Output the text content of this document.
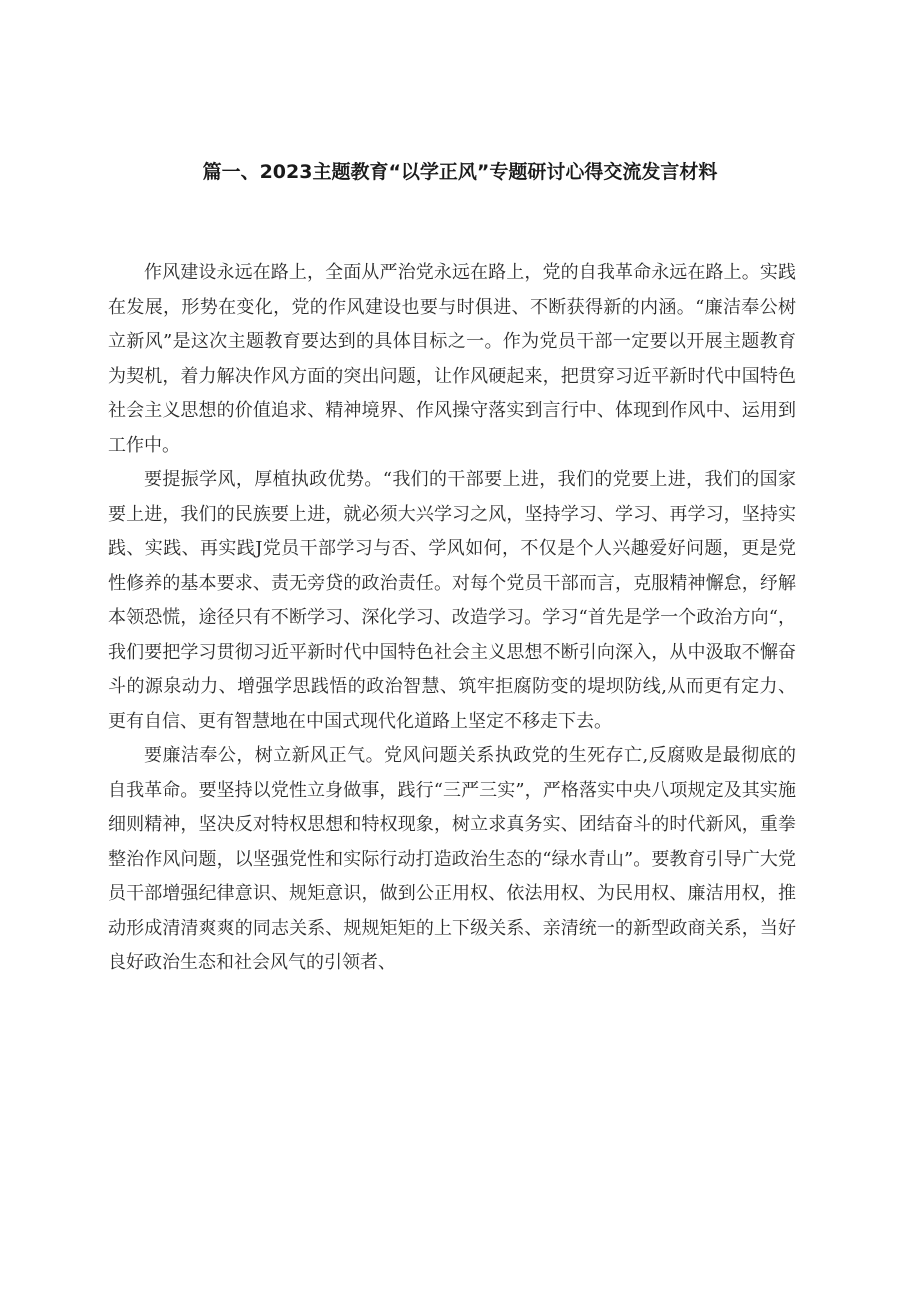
篇一、2023主题教育“以学正风”专题研讨心得交流发言材料

作风建设永远在路上，全面从严治党永远在路上，党的自我革命永远在路上。实践在发展，形势在变化，党的作风建设也要与时俱进、不断获得新的内涵。“廉洁奉公树立新风”是这次主题教育要达到的具体目标之一。作为党员干部一定要以开展主题教育为契机，着力解决作风方面的突出问题，让作风硬起来，把贯穿习近平新时代中国特色社会主义思想的价值追求、精神境界、作风操守落实到言行中、体现到作风中、运用到工作中。

要提振学风，厚植执政优势。“我们的干部要上进，我们的党要上进，我们的国家要上进，我们的民族要上进，就必须大兴学习之风，坚持学习、学习、再学习，坚持实践、实践、再实践J党员干部学习与否、学风如何，不仅是个人兴趣爱好问题，更是党性修养的基本要求、责无旁贷的政治责任。对每个党员干部而言，克服精神懈怠，纾解本领恐慌，途径只有不断学习、深化学习、改造学习。学习“首先是学一个政治方向“，我们要把学习贯彻习近平新时代中国特色社会主义思想不断引向深入，从中汲取不懈奋斗的源泉动力、增强学思践悟的政治智慧、筑牢拒腐防变的堤坝防线,从而更有定力、更有自信、更有智慧地在中国式现代化道路上坚定不移走下去。

要廉洁奉公，树立新风正气。党风问题关系执政党的生死存亡,反腐败是最彻底的自我革命。要坚持以党性立身做事，践行“三严三实”，严格落实中央八项规定及其实施细则精神，坚决反对特权思想和特权现象，树立求真务实、团结奋斗的时代新风，重拳整治作风问题，以坚强党性和实际行动打造政治生态的“绿水青山”。要教育引导广大党员干部增强纪律意识、规矩意识，做到公正用权、依法用权、为民用权、廉洁用权，推动形成清清爽爽的同志关系、规规矩矩的上下级关系、亲清统一的新型政商关系，当好良好政治生态和社会风气的引领者、
